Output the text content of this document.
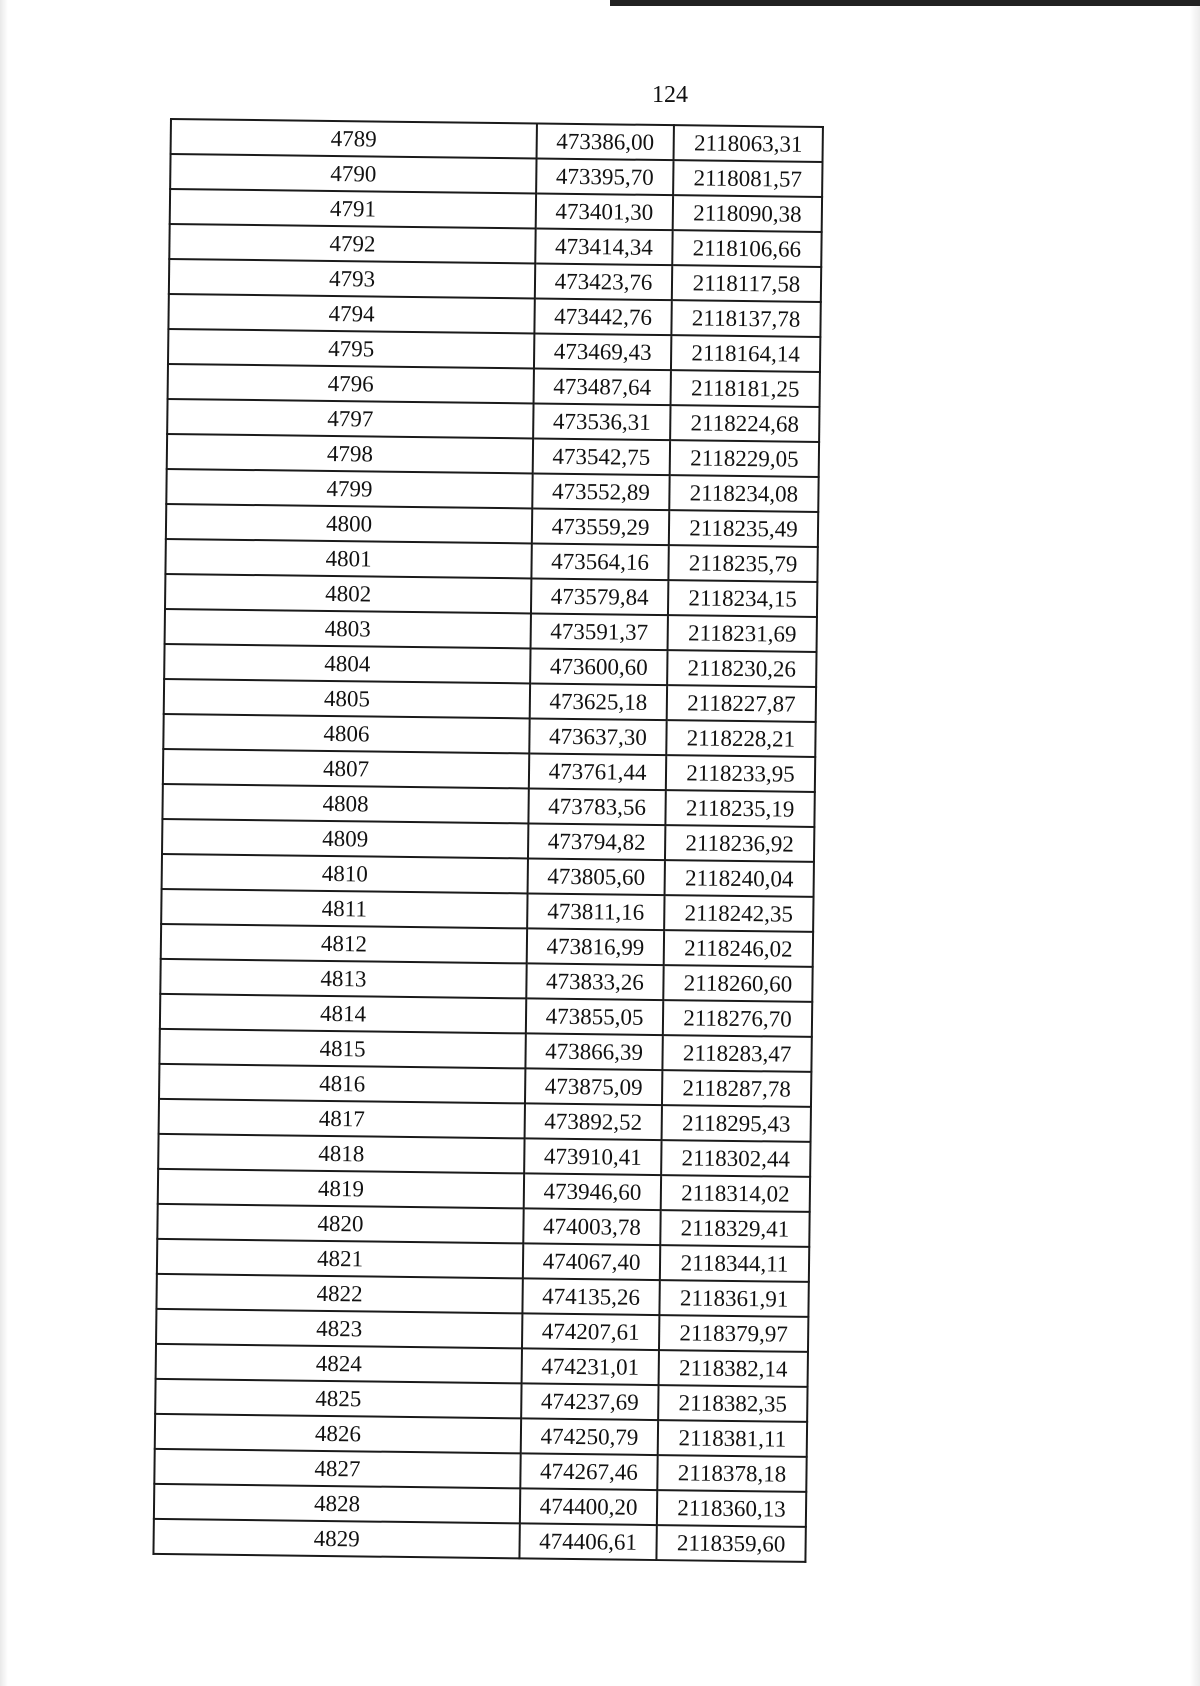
124
4789	473386,00	2118063,31
4790	473395,70	2118081,57
4791	473401,30	2118090,38
4792	473414,34	2118106,66
4793	473423,76	2118117,58
4794	473442,76	2118137,78
4795	473469,43	2118164,14
4796	473487,64	2118181,25
4797	473536,31	2118224,68
4798	473542,75	2118229,05
4799	473552,89	2118234,08
4800	473559,29	2118235,49
4801	473564,16	2118235,79
4802	473579,84	2118234,15
4803	473591,37	2118231,69
4804	473600,60	2118230,26
4805	473625,18	2118227,87
4806	473637,30	2118228,21
4807	473761,44	2118233,95
4808	473783,56	2118235,19
4809	473794,82	2118236,92
4810	473805,60	2118240,04
4811	473811,16	2118242,35
4812	473816,99	2118246,02
4813	473833,26	2118260,60
4814	473855,05	2118276,70
4815	473866,39	2118283,47
4816	473875,09	2118287,78
4817	473892,52	2118295,43
4818	473910,41	2118302,44
4819	473946,60	2118314,02
4820	474003,78	2118329,41
4821	474067,40	2118344,11
4822	474135,26	2118361,91
4823	474207,61	2118379,97
4824	474231,01	2118382,14
4825	474237,69	2118382,35
4826	474250,79	2118381,11
4827	474267,46	2118378,18
4828	474400,20	2118360,13
4829	474406,61	2118359,60
